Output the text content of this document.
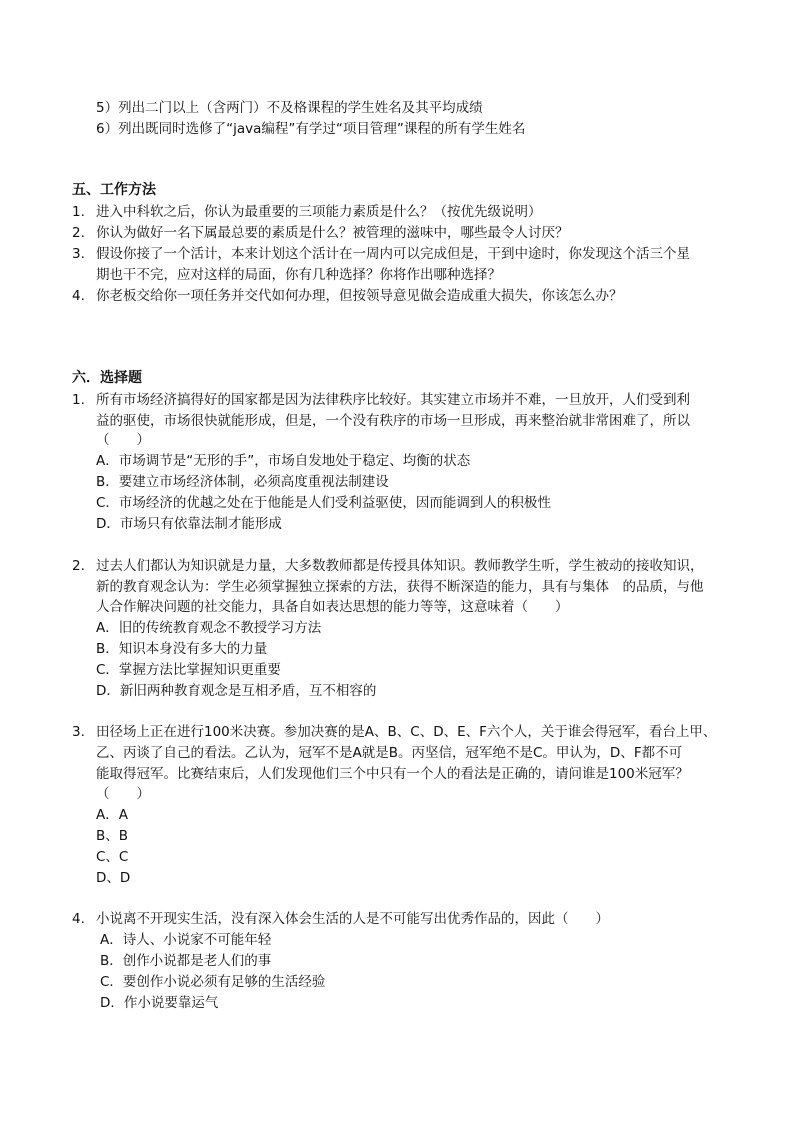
5）列出二门以上（含两门）不及格课程的学生姓名及其平均成绩
6）列出既同时选修了“java编程”有学过“项目管理”课程的所有学生姓名
五、工作方法
1. 进入中科软之后，你认为最重要的三项能力素质是什么？（按优先级说明）
2. 你认为做好一名下属最总要的素质是什么？被管理的滋味中，哪些最令人讨厌？
3. 假设你接了一个活计，本来计划这个活计在一周内可以完成但是，干到中途时，你发现这个活三个星
期也干不完，应对这样的局面，你有几种选择？你将作出哪种选择？
4. 你老板交给你一项任务并交代如何办理，但按领导意见做会造成重大损失，你该怎么办？
六．选择题
1. 所有市场经济搞得好的国家都是因为法律秩序比较好。其实建立市场并不难，一旦放开，人们受到利
益的驱使，市场很快就能形成，但是，一个没有秩序的市场一旦形成，再来整治就非常困难了，所以
（　　）
A．市场调节是“无形的手”，市场自发地处于稳定、均衡的状态
B．要建立市场经济体制，必须高度重视法制建设
C．市场经济的优越之处在于他能是人们受利益驱使，因而能调到人的积极性
D．市场只有依靠法制才能形成
2. 过去人们都认为知识就是力量，大多数教师都是传授具体知识。教师教学生听，学生被动的接收知识，
新的教育观念认为：学生必须掌握独立探索的方法，获得不断深造的能力，具有与集体　的品质，与他
人合作解决问题的社交能力，具备自如表达思想的能力等等，这意味着（　　）
A．旧的传统教育观念不教授学习方法
B．知识本身没有多大的力量
C．掌握方法比掌握知识更重要
D．新旧两种教育观念是互相矛盾，互不相容的
3. 田径场上正在进行100米决赛。参加决赛的是A、B、C、D、E、F六个人，关于谁会得冠军，看台上甲、
乙、丙谈了自己的看法。乙认为，冠军不是A就是B。丙坚信，冠军绝不是C。甲认为，D、F都不可
能取得冠军。比赛结束后，人们发现他们三个中只有一个人的看法是正确的，请问谁是100米冠军？
（　　）
A．A
B、B
C、C
D、D
4. 小说离不开现实生活，没有深入体会生活的人是不可能写出优秀作品的，因此（　　）
A．诗人、小说家不可能年轻
B．创作小说都是老人们的事
C．要创作小说必须有足够的生活经验
D．作小说要靠运气
